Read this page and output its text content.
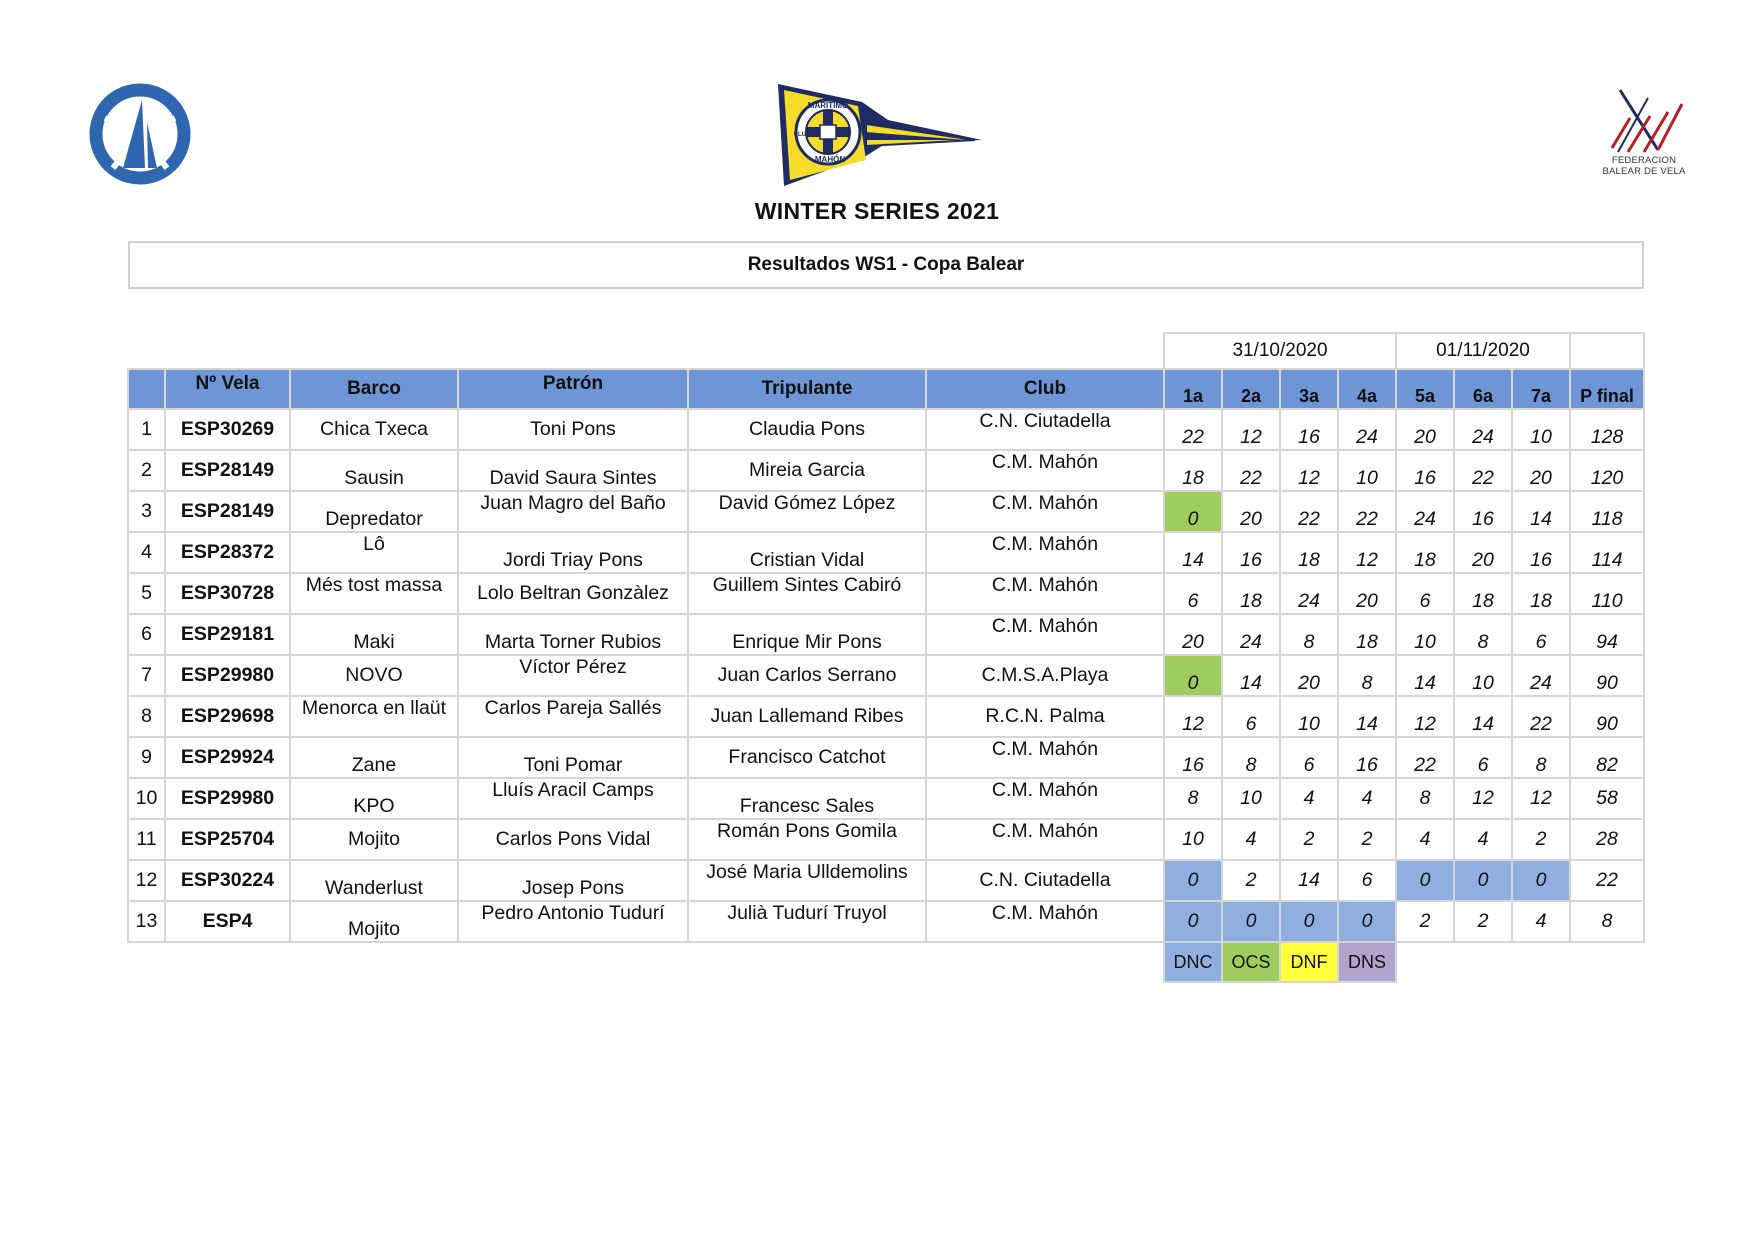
MARITIMO
CLUB
MAHÓN	FEDERACION
BALEAR DE VELA
WINTER SERIES 2021
Resultados WS1 - Copa Balear
						31/10/2020				01/11/2020			
	Nº Vela	Barco	Patrón	Tripulante	Club	1a	2a	3a	4a	5a	6a	7a	P final
1	ESP30269	Chica Txeca	Toni Pons	Claudia Pons	C.N. Ciutadella	22	12	16	24	20	24	10	128
2	ESP28149	Sausin	David Saura Sintes	Mireia Garcia	C.M. Mahón	18	22	12	10	16	22	20	120
3	ESP28149	Depredator	Juan Magro del Baño	David Gómez López	C.M. Mahón	0	20	22	22	24	16	14	118
4	ESP28372	Lô	Jordi Triay Pons	Cristian Vidal	C.M. Mahón	14	16	18	12	18	20	16	114
5	ESP30728	Més tost massa	Lolo Beltran Gonzàlez	Guillem Sintes Cabiró	C.M. Mahón	6	18	24	20	6	18	18	110
6	ESP29181	Maki	Marta Torner Rubios	Enrique Mir Pons	C.M. Mahón	20	24	8	18	10	8	6	94
7	ESP29980	NOVO	Víctor Pérez	Juan Carlos Serrano	C.M.S.A.Playa	0	14	20	8	14	10	24	90
8	ESP29698	Menorca en llaüt	Carlos Pareja Sallés	Juan Lallemand Ribes	R.C.N. Palma	12	6	10	14	12	14	22	90
9	ESP29924	Zane	Toni Pomar	Francisco Catchot	C.M. Mahón	16	8	6	16	22	6	8	82
10	ESP29980	KPO	Lluís Aracil Camps	Francesc Sales	C.M. Mahón	8	10	4	4	8	12	12	58
11	ESP25704	Mojito	Carlos Pons Vidal	Román Pons Gomila	C.M. Mahón	10	4	2	2	4	4	2	28
12	ESP30224	Wanderlust	Josep Pons	José Maria Ulldemolins	C.N. Ciutadella	0	2	14	6	0	0	0	22
13	ESP4	Mojito	Pedro Antonio Tudurí	Julià Tudurí Truyol	C.M. Mahón	0	0	0	0	2	2	4	8
						DNC	OCS	DNF	DNS				
